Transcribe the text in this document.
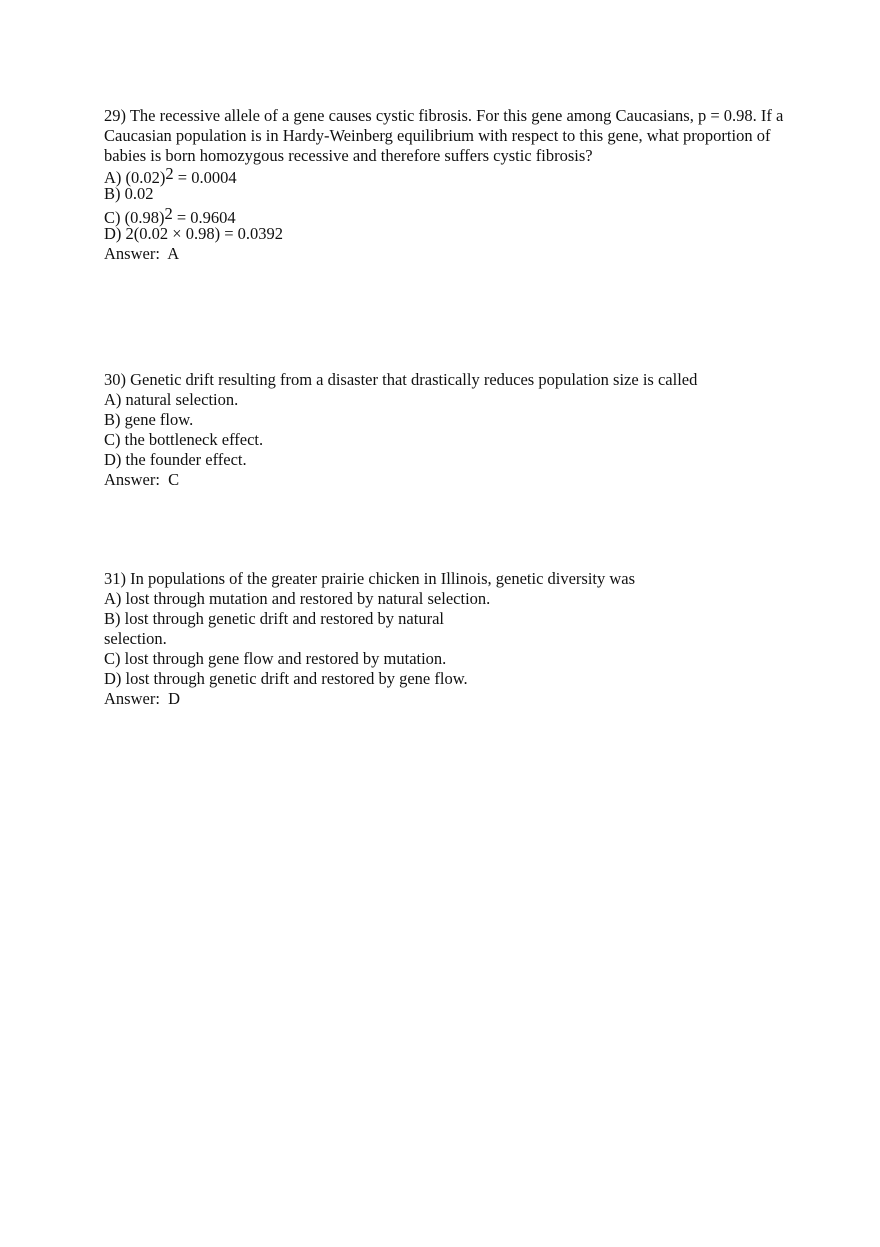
29) The recessive allele of a gene causes cystic fibrosis. For this gene among Caucasians, p = 0.98. If a Caucasian population is in Hardy-Weinberg equilibrium with respect to this gene, what proportion of babies is born homozygous recessive and therefore suffers cystic fibrosis?

A) (0.02)2 = 0.0004

B) 0.02

C) (0.98)2 = 0.9604

D) 2(0.02 × 0.98) = 0.0392

Answer:  A

30) Genetic drift resulting from a disaster that drastically reduces population size is called

A) natural selection.

B) gene flow.

C) the bottleneck effect.

D) the founder effect.

Answer:  C

31) In populations of the greater prairie chicken in Illinois, genetic diversity was

A) lost through mutation and restored by natural selection.

B) lost through genetic drift and restored by natural

selection.

C) lost through gene flow and restored by mutation.

D) lost through genetic drift and restored by gene flow.

Answer:  D
